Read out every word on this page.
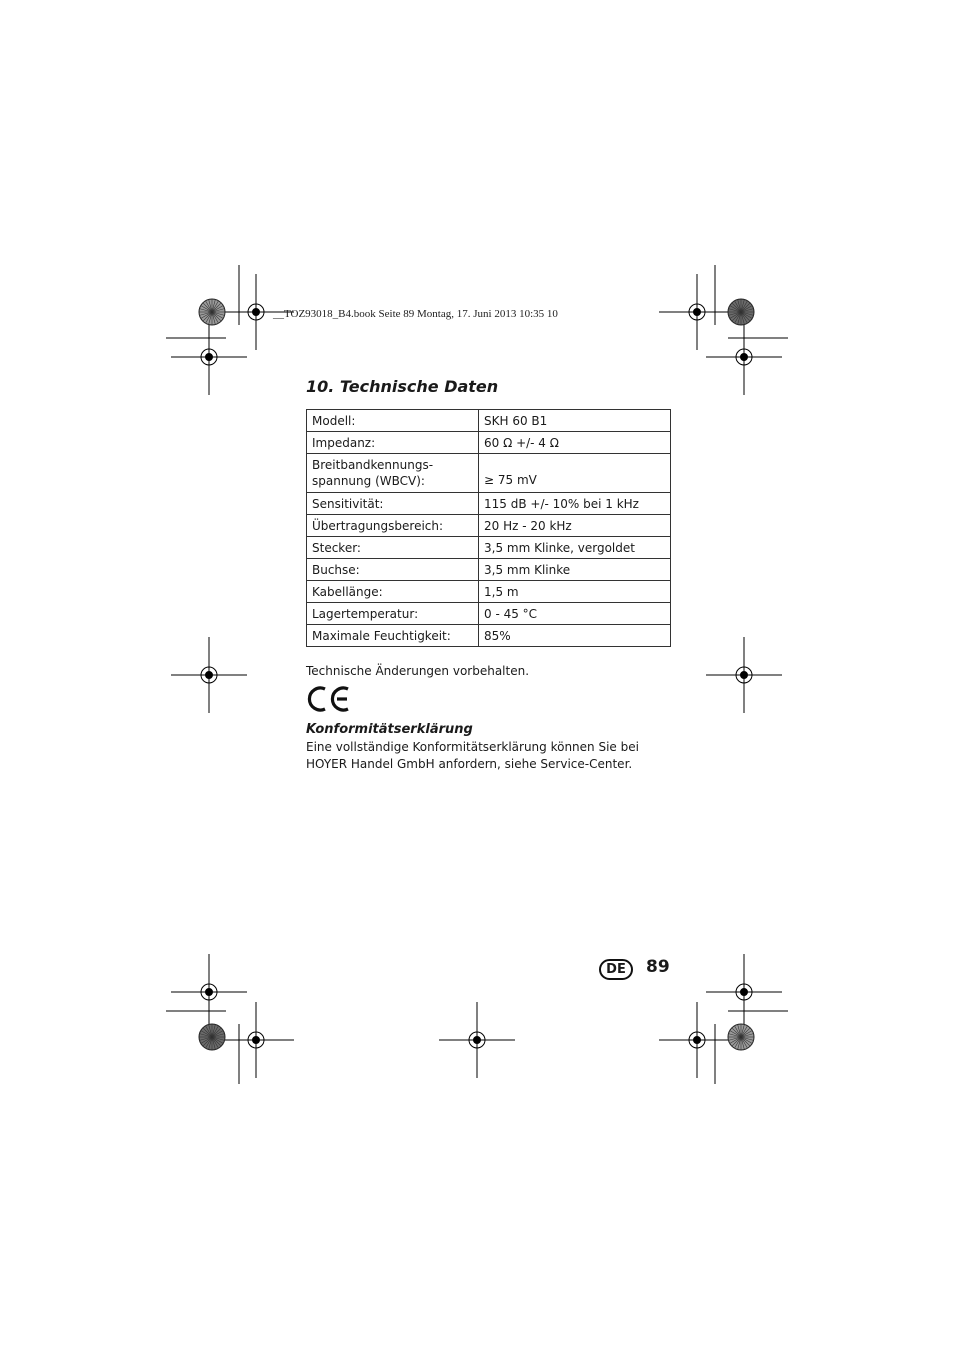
__TOZ93018_B4.book Seite 89 Montag, 17. Juni 2013 10:35 10
10. Technische Daten
Modell:	SKH 60 B1
Impedanz:	60 Ω +/- 4 Ω
Breitbandkennungs-
spannung (WBCV):	≥ 75 mV
Sensitivität:	115 dB +/- 10% bei 1 kHz
Übertragungsbereich:	20 Hz - 20 kHz
Stecker:	3,5 mm Klinke, vergoldet
Buchse:	3,5 mm Klinke
Kabellänge:	1,5 m
Lagertemperatur:	0 - 45 °C
Maximale Feuchtigkeit:	85%
Technische Änderungen vorbehalten.
Konformitätserklärung

Eine vollständige Konformitätserklärung können Sie bei HOYER Handel GmbH anfordern, siehe Service-Center.

DE	89
